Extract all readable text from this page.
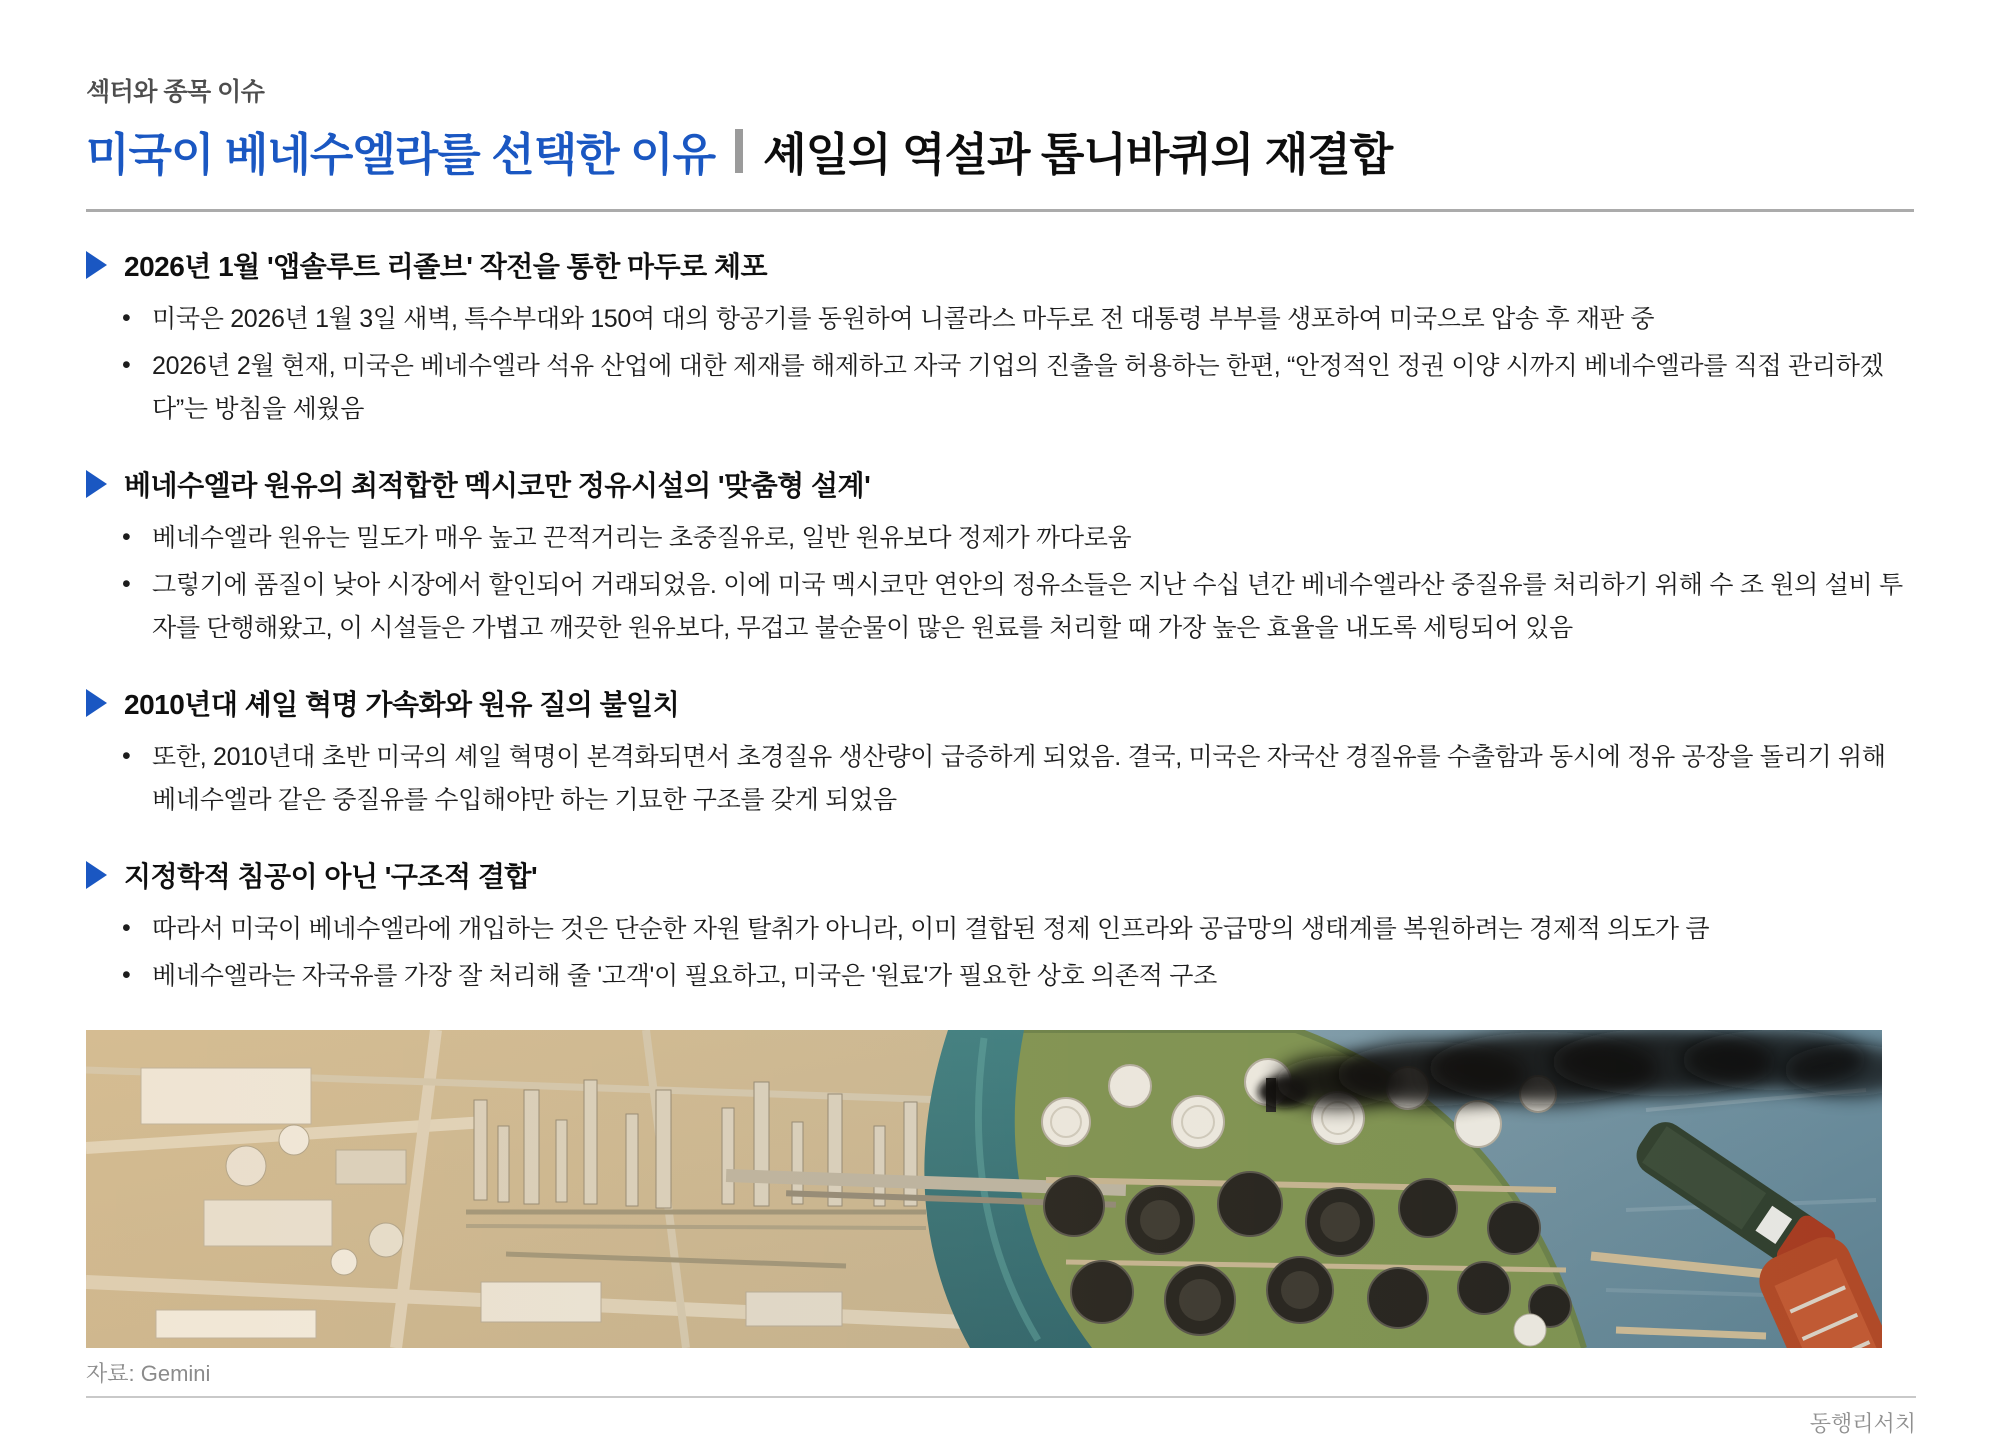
섹터와 종목 이슈
미국이 베네수엘라를 선택한 이유 셰일의 역설과 톱니바퀴의 재결합
2026년 1월 '앱솔루트 리졸브' 작전을 통한 마두로 체포
• 미국은 2026년 1월 3일 새벽, 특수부대와 150여 대의 항공기를 동원하여 니콜라스 마두로 전 대통령 부부를 생포하여 미국으로 압송 후 재판 중
• 2026년 2월 현재, 미국은 베네수엘라 석유 산업에 대한 제재를 해제하고 자국 기업의 진출을 허용하는 한편, “안정적인 정권 이양 시까지 베네수엘라를 직접 관리하겠다”는 방침을 세웠음
베네수엘라 원유의 최적합한 멕시코만 정유시설의 '맞춤형 설계'
• 베네수엘라 원유는 밀도가 매우 높고 끈적거리는 초중질유로, 일반 원유보다 정제가 까다로움
• 그렇기에 품질이 낮아 시장에서 할인되어 거래되었음. 이에 미국 멕시코만 연안의 정유소들은 지난 수십 년간 베네수엘라산 중질유를 처리하기 위해 수 조 원의 설비 투자를 단행해왔고, 이 시설들은 가볍고 깨끗한 원유보다, 무겁고 불순물이 많은 원료를 처리할 때 가장 높은 효율을 내도록 세팅되어 있음
2010년대 셰일 혁명 가속화와 원유 질의 불일치
• 또한, 2010년대 초반 미국의 셰일 혁명이 본격화되면서 초경질유 생산량이 급증하게 되었음. 결국, 미국은 자국산 경질유를 수출함과 동시에 정유 공장을 돌리기 위해 베네수엘라 같은 중질유를 수입해야만 하는 기묘한 구조를 갖게 되었음
지정학적 침공이 아닌 '구조적 결합'
• 따라서 미국이 베네수엘라에 개입하는 것은 단순한 자원 탈취가 아니라, 이미 결합된 정제 인프라와 공급망의 생태계를 복원하려는 경제적 의도가 큼
• 베네수엘라는 자국유를 가장 잘 처리해 줄 '고객'이 필요하고, 미국은 '원료'가 필요한 상호 의존적 구조
자료: Gemini
동행리서치
